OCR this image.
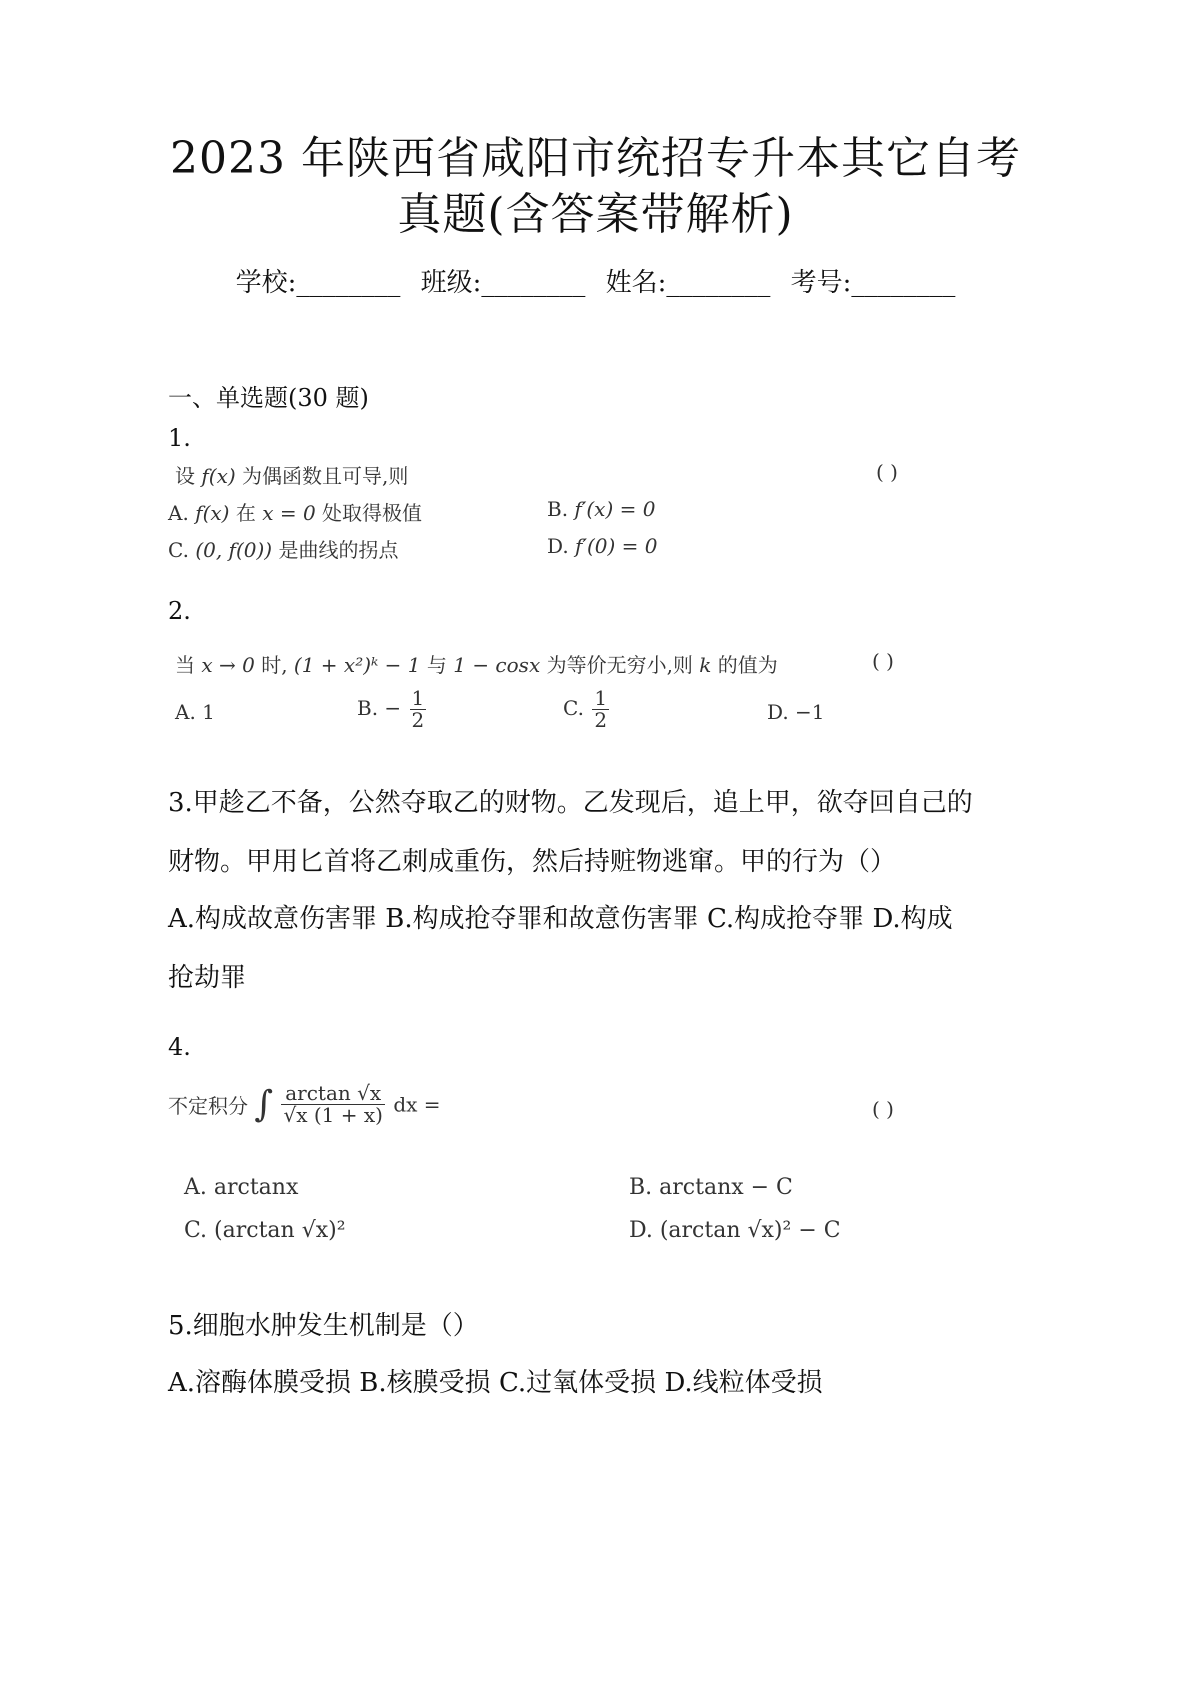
2023 年陕西省咸阳市统招专升本其它自考
真题(含答案带解析)
学校:________ 班级:________ 姓名:________ 考号:________
一、单选题(30 题)
1.
设 f(x) 为偶函数且可导,则	( )
A. f(x) 在 x = 0 处取得极值	B. f′(x) = 0
C. (0, f(0)) 是曲线的拐点	D. f′(0) = 0
2.
当 x → 0 时, (1 + x²)ᵏ − 1 与 1 − cosx 为等价无穷小,则 k 的值为	( )
A. 1	B. − $\frac{1}{2}$	C. $\frac{1}{2}$	D. −1
3.甲趁乙不备，公然夺取乙的财物。乙发现后，追上甲，欲夺回自己的
财物。甲用匕首将乙刺成重伤，然后持赃物逃窜。甲的行为（）
A.构成故意伤害罪 B.构成抢夺罪和故意伤害罪 C.构成抢夺罪 D.构成
抢劫罪
4.
不定积分 ∫ $\frac{\arctan √x}{√x (1 + x)}$ dx =	( )
A. arctanx	B. arctanx − C
C. (arctan √x)²	D. (arctan √x)² − C
5.细胞水肿发生机制是（）
A.溶酶体膜受损 B.核膜受损 C.过氧体受损 D.线粒体受损
